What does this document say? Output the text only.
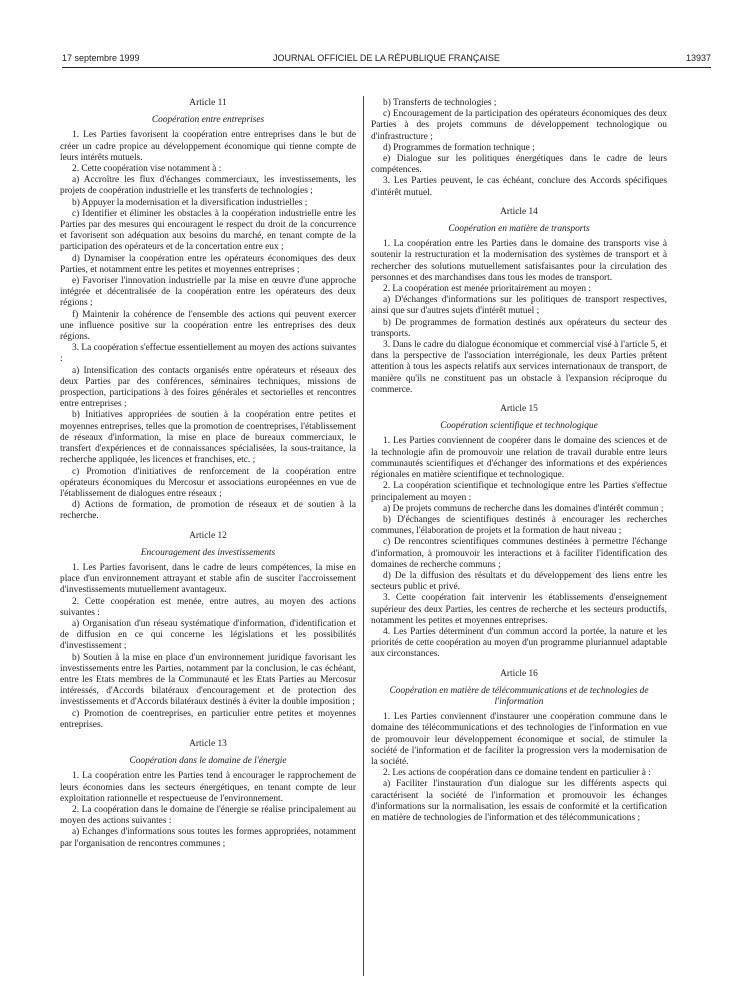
17 septembre 1999	JOURNAL OFFICIEL DE LA RÉPUBLIQUE FRANÇAISE	13937
Article 11
Coopération entre entreprises
1. Les Parties favorisent la coopération entre entreprises dans le but de créer un cadre propice au développement économique qui tienne compte de leurs intérêts mutuels.
2. Cette coopération vise notamment à :
a) Accroître les flux d'échanges commerciaux, les investissements, les projets de coopération industrielle et les transferts de technologies ;
b) Appuyer la modernisation et la diversification industrielles ;
c) Identifier et éliminer les obstacles à la coopération industrielle entre les Parties par des mesures qui encouragent le respect du droit de la concurrence et favorisent son adéquation aux besoins du marché, en tenant compte de la participation des opérateurs et de la concertation entre eux ;
d) Dynamiser la coopération entre les opérateurs économiques des deux Parties, et notamment entre les petites et moyennes entreprises ;
e) Favoriser l'innovation industrielle par la mise en œuvre d'une approche intégrée et décentralisée de la coopération entre les opérateurs des deux régions ;
f) Maintenir la cohérence de l'ensemble des actions qui peuvent exercer une influence positive sur la coopération entre les entreprises des deux régions.
3. La coopération s'effectue essentiellement au moyen des actions suivantes :
a) Intensification des contacts organisés entre opérateurs et réseaux des deux Parties par des conférences, séminaires techniques, missions de prospection, participations à des foires générales et sectorielles et rencontres entre entreprises ;
b) Initiatives appropriées de soutien à la coopération entre petites et moyennes entreprises, telles que la promotion de coentreprises, l'établissement de réseaux d'information, la mise en place de bureaux commerciaux, le transfert d'expériences et de connaissances spécialisées, la sous-traitance, la recherche appliquée, les licences et franchises, etc. ;
c) Promotion d'initiatives de renforcement de la coopération entre opérateurs économiques du Mercosur et associations européennes en vue de l'établissement de dialogues entre réseaux ;
d) Actions de formation, de promotion de réseaux et de soutien à la recherche.
Article 12
Encouragement des investissements
1. Les Parties favorisent, dans le cadre de leurs compétences, la mise en place d'un environnement attrayant et stable afin de susciter l'accroissement d'investissements mutuellement avantageux.
2. Cette coopération est menée, entre autres, au moyen des actions suivantes :
a) Organisation d'un réseau systématique d'information, d'identification et de diffusion en ce qui concerne les législations et les possibilités d'investissement ;
b) Soutien à la mise en place d'un environnement juridique favorisant les investissements entre les Parties, notamment par la conclusion, le cas échéant, entre les Etats membres de la Communauté et les Etats Parties au Mercosur intéressés, d'Accords bilatéraux d'encouragement et de protection des investissements et d'Accords bilatéraux destinés à éviter la double imposition ;
c) Promotion de coentreprises, en particulier entre petites et moyennes entreprises.
Article 13
Coopération dans le domaine de l'énergie
1. La coopération entre les Parties tend à encourager le rapprochement de leurs économies dans les secteurs énergétiques, en tenant compte de leur exploitation rationnelle et respectueuse de l'environnement.
2. La coopération dans le domaine de l'énergie se réalise principalement au moyen des actions suivantes :
a) Echanges d'informations sous toutes les formes appropriées, notamment par l'organisation de rencontres communes ;
b) Transferts de technologies ;
c) Encouragement de la participation des opérateurs économiques des deux Parties à des projets communs de développement technologique ou d'infrastructure ;
d) Programmes de formation technique ;
e) Dialogue sur les politiques énergétiques dans le cadre de leurs compétences.
3. Les Parties peuvent, le cas échéant, conclure des Accords spécifiques d'intérêt mutuel.
Article 14
Coopération en matière de transports
1. La coopération entre les Parties dans le domaine des transports vise à soutenir la restructuration et la modernisation des systèmes de transport et à rechercher des solutions mutuellement satisfaisantes pour la circulation des personnes et des marchandises dans tous les modes de transport.
2. La coopération est menée prioritairement au moyen :
a) D'échanges d'informations sur les politiques de transport respectives, ainsi que sur d'autres sujets d'intérêt mutuel ;
b) De programmes de formation destinés aux opérateurs du secteur des transports.
3. Dans le cadre du dialogue économique et commercial visé à l'article 5, et dans la perspective de l'association interrégionale, les deux Parties prêtent attention à tous les aspects relatifs aux services internationaux de transport, de manière qu'ils ne constituent pas un obstacle à l'expansion réciproque du commerce.
Article 15
Coopération scientifique et technologique
1. Les Parties conviennent de coopérer dans le domaine des sciences et de la technologie afin de promouvoir une relation de travail durable entre leurs communautés scientifiques et d'échanger des informations et des expériences régionales en matière scientifique et technologique.
2. La coopération scientifique et technologique entre les Parties s'effectue principalement au moyen :
a) De projets communs de recherche dans les domaines d'intérêt commun ;
b) D'échanges de scientifiques destinés à encourager les recherches communes, l'élaboration de projets et la formation de haut niveau ;
c) De rencontres scientifiques communes destinées à permettre l'échange d'information, à promouvoir les interactions et à faciliter l'identification des domaines de recherche communs ;
d) De la diffusion des résultats et du développement des liens entre les secteurs public et privé.
3. Cette coopération fait intervenir les établissements d'enseignement supérieur des deux Parties, les centres de recherche et les secteurs productifs, notamment les petites et moyennes entreprises.
4. Les Parties déterminent d'un commun accord la portée, la nature et les priorités de cette coopération au moyen d'un programme pluriannuel adaptable aux circonstances.
Article 16
Coopération en matière de télécommunications et de technologies de l'information
1. Les Parties conviennent d'instaurer une coopération commune dans le domaine des télécommunications et des technologies de l'information en vue de promouvoir leur développement économique et social, de stimuler la société de l'information et de faciliter la progression vers la modernisation de la société.
2. Les actions de coopération dans ce domaine tendent en particulier à :
a) Faciliter l'instauration d'un dialogue sur les différents aspects qui caractérisent la société de l'information et promouvoir les échanges d'informations sur la normalisation, les essais de conformité et la certification en matière de technologies de l'information et des télécommunications ;
